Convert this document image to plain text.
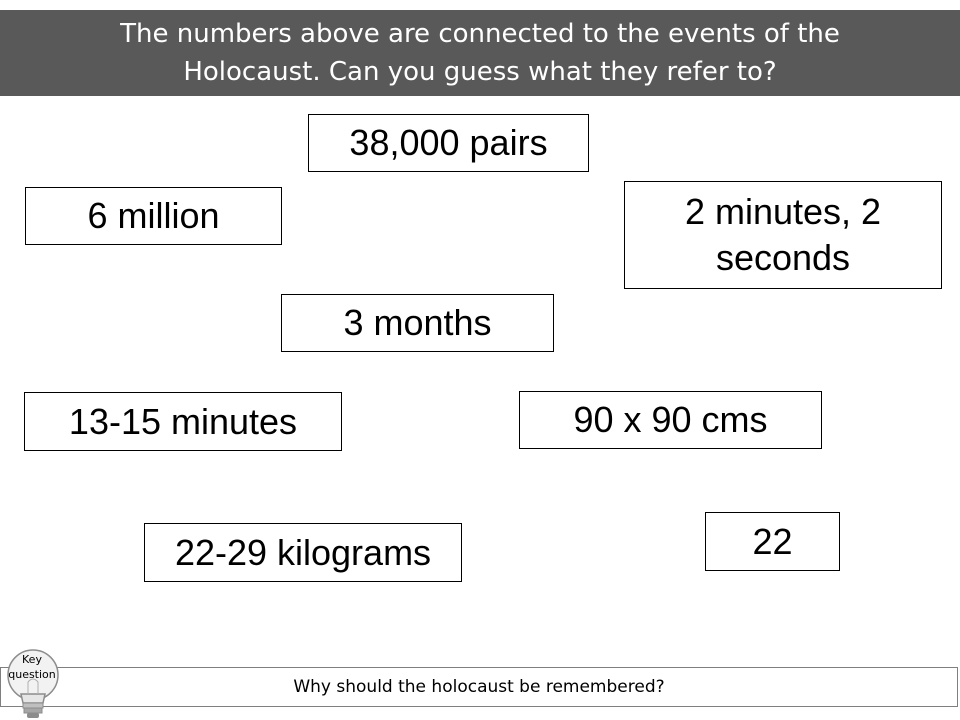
The numbers above are connected to the events of the Holocaust. Can you guess what they refer to?
38,000 pairs
6 million	2 minutes, 2 seconds
3 months
13-15 minutes	90 x 90 cms
22-29 kilograms	22
Why should the holocaust be remembered?
Key question
